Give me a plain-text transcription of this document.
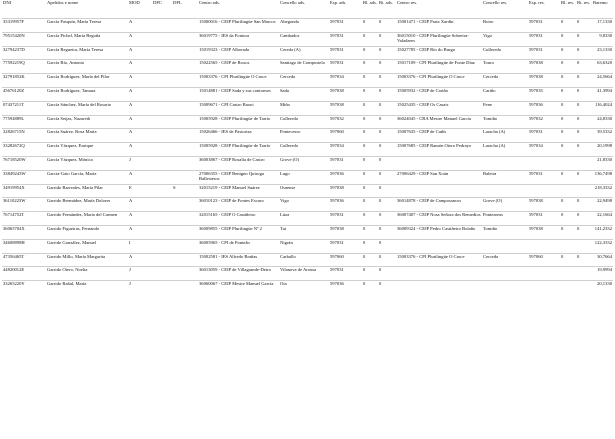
DNI	Apelidos e nome	MOD	DPC	DPL	Centro ads.	Concello ads.	Esp. ads.	Bl. ads.	Bi. ads.	Centro res.	Concello res.	Esp. res.	Bl. res.	Bi. res.	Baremo
35319957F	García Pasquín, María Teresa	A			15000016 - CEIP Plurilingüe San Marcos	Abegondo	597031	0	0	15001471 - CEIP Praia Xardín	Boiro	597031	0	0	17,1330
79515420N	García Pichel, María Begoña	A			36019775 - IES da Fontora	Cambados	597031	0	0	36015010 - CEIP Plurilingüe Sobreira-Valadares	Vigo	597031	0	0	9,8330
32794237D	García Regueira, María Teresa	A			15019323 - CEIP Alborada	Cereda (A)	597031	0	0	15027785 - CEIP Río do Burgo	Culleredo	597031	0	0	23,1330
77592219Q	García Río, Antonio	A			15022565 - CEIP de Roxos	Santiago de Compostela	597031	0	0	15017109 - CPI Plurilingüe de Fonte Díaz	Touro	597038	0	0	63,6320
32791852K	García Rodríguez, María del Pilar	A			15003376 - CPI Plurilingüe O Cruce	Cerceda	597034	0	0	15003376 - CPI Plurilingüe O Cruce	Cerceda	597038	0	0	24,5664
45676120Z	García Rodríguez, Tamara	A			15014881 - CEIP Sada y sus contornos	Sada	597038	0	0	15005932 - CEIP de Cariño	Cariño	597035	0	0	41,3994
07437211T	García Sánchez, María del Rosario	A			15009671 - CPI Castro Baxoi	Miño	597038	0	0	15025435 - CEIP Os Casais	Fene	597036	0	0	116,4024
77594889L	García Seijas, Nazareth	A			15005928 - CEIP Plurilingüe de Tarrío	Culleredo	597032	0	0	36024045 - CRA Mestre Manuel García	Tomiño	597032	0	0	24,8330
32826715N	García Suárez, Rosa María	A			15026466 - IES de Pastoriza	Pontecesso	597060	0	0	15007635 - CEIP de Cuñís	Laracha (A)	597031	0	0	39,5332
33282672Q	García Vázquez, Enrique	A			15005928 - CEIP Plurilingüe de Tarrío	Culleredo	597034	0	0	15007685 - CEIP Ramón Otero Pedrayo	Laracha (A)	597034	0	0	20,1998
76718520W	García Vázquez, Mónica	J			36003867 - CEIP Rosalía de Castro	Grove (O)	597031	0	0						21,8330
33849243W	Garcia-Gato García, María	A			27006355 - CEIP Benigno Quiroga Ballesteros	Lugo	597036	0	0	27006429 - CEIP San Xoán	Baleira	597031	0	0	136,7498
34919954X	Garrido Barreales, María Pilar	E		S	32015219 - CEIP Manuel Suárez	Ourense	597038	0	0						218,3332
36110223W	Garrido Bermúdez, María Dolores	A			36010123 - CEIP de Fontes Escuro	Vigo	597036	0	0	36014878 - CEIP de Camposancos	Grove (O)	597038	0	0	22,9498
76714752T	Garrido Fernández, María del Carmen	A			32015165 - CEIP O Castiñeiro	Lúza	597031	0	0	36007407 - CEIP Nosa Señora dos Remedios	Ponteareas	597031	0	0	22,1664
36065704X	Garrido Figueiras, Fernando	A			36009855 - CEIP Plurilingüe Nº 2	Tui	597038	0	0	36009324 - CEIP Pedro Castiñeiro Bolaño	Tomiño	597038	0	0	141,2332
34608898H	Garrido González, Manuel	I			36005965 - CPI de Ponteão	Nigrán	597031	0	0						122,3332
47356465T	Garrido Millo, María Margarita	A			15002581 - IES Alfredo Brañas	Carballo	597060	0	0	15003376 - CPI Plurilingüe O Cruce	Cerceda	597060	0	0	30,7664
44820012E	Garrido Otero, Noelia	J			36013059 - CEIP de Villagrande-Deiro	Vilanova de Arousa	597031	0	0						19,9994
33265220Y	Garrido Rañal, María	J			36060067 - CEIP Mestre Manuel García	Oia	597036	0	0						20,1330
